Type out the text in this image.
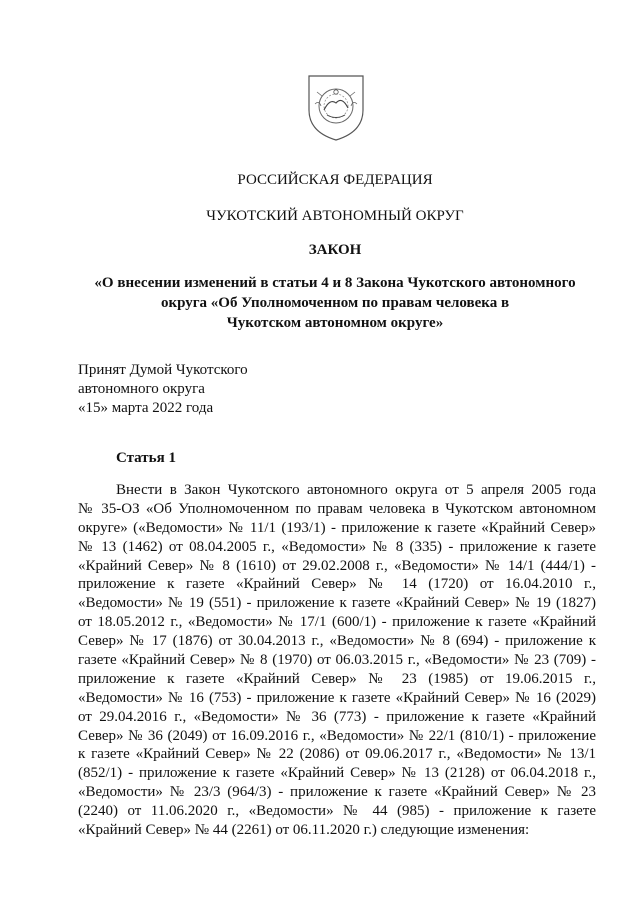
РОССИЙСКАЯ ФЕДЕРАЦИЯ
ЧУКОТСКИЙ АВТОНОМНЫЙ ОКРУГ
ЗАКОН
«О внесении изменений в статьи 4 и 8 Закона Чукотского автономного
округа «Об Уполномоченном по правам человека в
Чукотском автономном округе»
Принят Думой Чукотского
автономного округа
«15» марта 2022 года
Статья 1
Внести в Закон Чукотского автономного округа от 5 апреля 2005 года
№ 35-ОЗ «Об Уполномоченном по правам человека в Чукотском автономном
округе» («Ведомости» № 11/1 (193/1) - приложение к газете «Крайний Север»
№ 13 (1462) от 08.04.2005 г., «Ведомости» № 8 (335) - приложение к газете
«Крайний Север» № 8 (1610) от 29.02.2008 г., «Ведомости» № 14/1 (444/1) -
приложение к газете «Крайний Север» № 14 (1720) от 16.04.2010 г.,
«Ведомости» № 19 (551) - приложение к газете «Крайний Север» № 19 (1827)
от 18.05.2012 г., «Ведомости» № 17/1 (600/1) - приложение к газете «Крайний
Север» № 17 (1876) от 30.04.2013 г., «Ведомости» № 8 (694) - приложение к
газете «Крайний Север» № 8 (1970) от 06.03.2015 г., «Ведомости» № 23 (709) -
приложение к газете «Крайний Север» № 23 (1985) от 19.06.2015 г.,
«Ведомости» № 16 (753) - приложение к газете «Крайний Север» № 16 (2029)
от 29.04.2016 г., «Ведомости» № 36 (773) - приложение к газете «Крайний
Север» № 36 (2049) от 16.09.2016 г., «Ведомости» № 22/1 (810/1) - приложение
к газете «Крайний Север» № 22 (2086) от 09.06.2017 г., «Ведомости» № 13/1
(852/1) - приложение к газете «Крайний Север» № 13 (2128) от 06.04.2018 г.,
«Ведомости» № 23/3 (964/3) - приложение к газете «Крайний Север» № 23
(2240) от 11.06.2020 г., «Ведомости» № 44 (985) - приложение к газете
«Крайний Север» № 44 (2261) от 06.11.2020 г.) следующие изменения:
